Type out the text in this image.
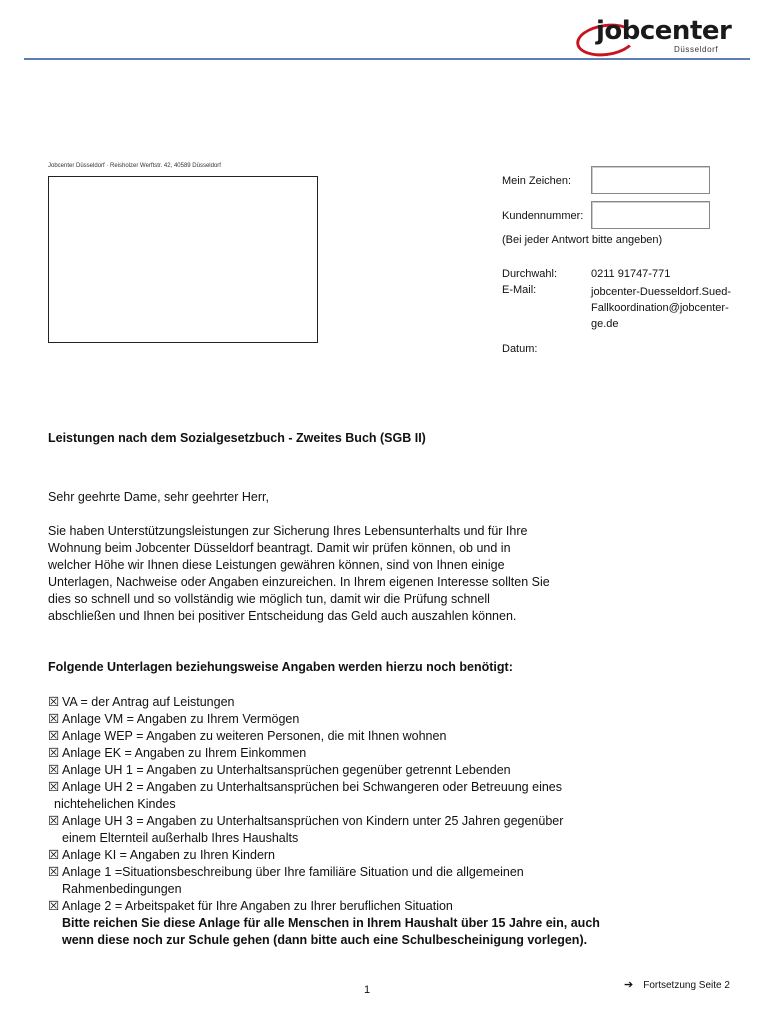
jobcenter
Düsseldorf
Jobcenter Düsseldorf · Reisholzer Werftstr. 42, 40589 Düsseldorf
Mein Zeichen:
Kundennummer:
(Bei jeder Antwort bitte angeben)
Durchwahl:	0211 91747-771
E-Mail:	jobcenter-Duesseldorf.Sued-
Fallkoordination@jobcenter-
ge.de
Datum:
Leistungen nach dem Sozialgesetzbuch - Zweites Buch (SGB II)
Sehr geehrte Dame, sehr geehrter Herr,
Sie haben Unterstützungsleistungen zur Sicherung Ihres Lebensunterhalts und für Ihre
Wohnung beim Jobcenter Düsseldorf beantragt. Damit wir prüfen können, ob und in
welcher Höhe wir Ihnen diese Leistungen gewähren können, sind von Ihnen einige
Unterlagen, Nachweise oder Angaben einzureichen. In Ihrem eigenen Interesse sollten Sie
dies so schnell und so vollständig wie möglich tun, damit wir die Prüfung schnell
abschließen und Ihnen bei positiver Entscheidung das Geld auch auszahlen können.
Folgende Unterlagen beziehungsweise Angaben werden hierzu noch benötigt:
☒ VA = der Antrag auf Leistungen
☒ Anlage VM = Angaben zu Ihrem Vermögen
☒ Anlage WEP = Angaben zu weiteren Personen, die mit Ihnen wohnen
☒ Anlage EK = Angaben zu Ihrem Einkommen
☒ Anlage UH 1 = Angaben zu Unterhaltsansprüchen gegenüber getrennt Lebenden
☒ Anlage UH 2 = Angaben zu Unterhaltsansprüchen bei Schwangeren oder Betreuung eines
nichtehelichen Kindes
☒ Anlage UH 3 = Angaben zu Unterhaltsansprüchen von Kindern unter 25 Jahren gegenüber
einem Elternteil außerhalb Ihres Haushalts
☒ Anlage KI = Angaben zu Ihren Kindern
☒ Anlage 1 =Situationsbeschreibung über Ihre familiäre Situation und die allgemeinen
Rahmenbedingungen
☒ Anlage 2 = Arbeitspaket für Ihre Angaben zu Ihrer beruflichen Situation
Bitte reichen Sie diese Anlage für alle Menschen in Ihrem Haushalt über 15 Jahre ein, auch
wenn diese noch zur Schule gehen (dann bitte auch eine Schulbescheinigung vorlegen).
1	➔ Fortsetzung Seite 2
